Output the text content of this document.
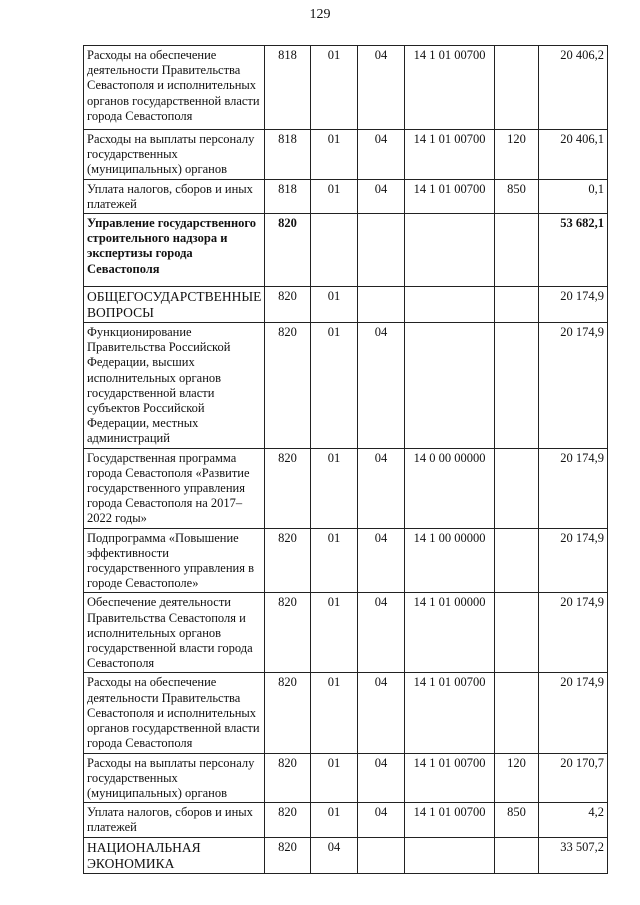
129
Расходы на обеспечение деятельности Правительства Севастополя и исполнительных органов государственной власти города Севастополя	818	01	04	14 1 01 00700		20 406,2
Расходы на выплаты персоналу государственных (муниципальных) органов	818	01	04	14 1 01 00700	120	20 406,1
Уплата налогов, сборов и иных платежей	818	01	04	14 1 01 00700	850	0,1
Управление государственного строительного надзора и экспертизы города Севастополя	820					53 682,1
ОБЩЕГОСУДАРСТВЕННЫЕ ВОПРОСЫ	820	01				20 174,9
Функционирование Правительства Российской Федерации, высших исполнительных органов государственной власти субъектов Российской Федерации, местных администраций	820	01	04			20 174,9
Государственная программа города Севастополя «Развитие государственного управления города Севастополя на 2017–2022 годы»	820	01	04	14 0 00 00000		20 174,9
Подпрограмма «Повышение эффективности государственного управления в городе Севастополе»	820	01	04	14 1 00 00000		20 174,9
Обеспечение деятельности Правительства Севастополя и исполнительных органов государственной власти города Севастополя	820	01	04	14 1 01 00000		20 174,9
Расходы на обеспечение деятельности Правительства Севастополя и исполнительных органов государственной власти города Севастополя	820	01	04	14 1 01 00700		20 174,9
Расходы на выплаты персоналу государственных (муниципальных) органов	820	01	04	14 1 01 00700	120	20 170,7
Уплата налогов, сборов и иных платежей	820	01	04	14 1 01 00700	850	4,2
НАЦИОНАЛЬНАЯ ЭКОНОМИКА	820	04				33 507,2
